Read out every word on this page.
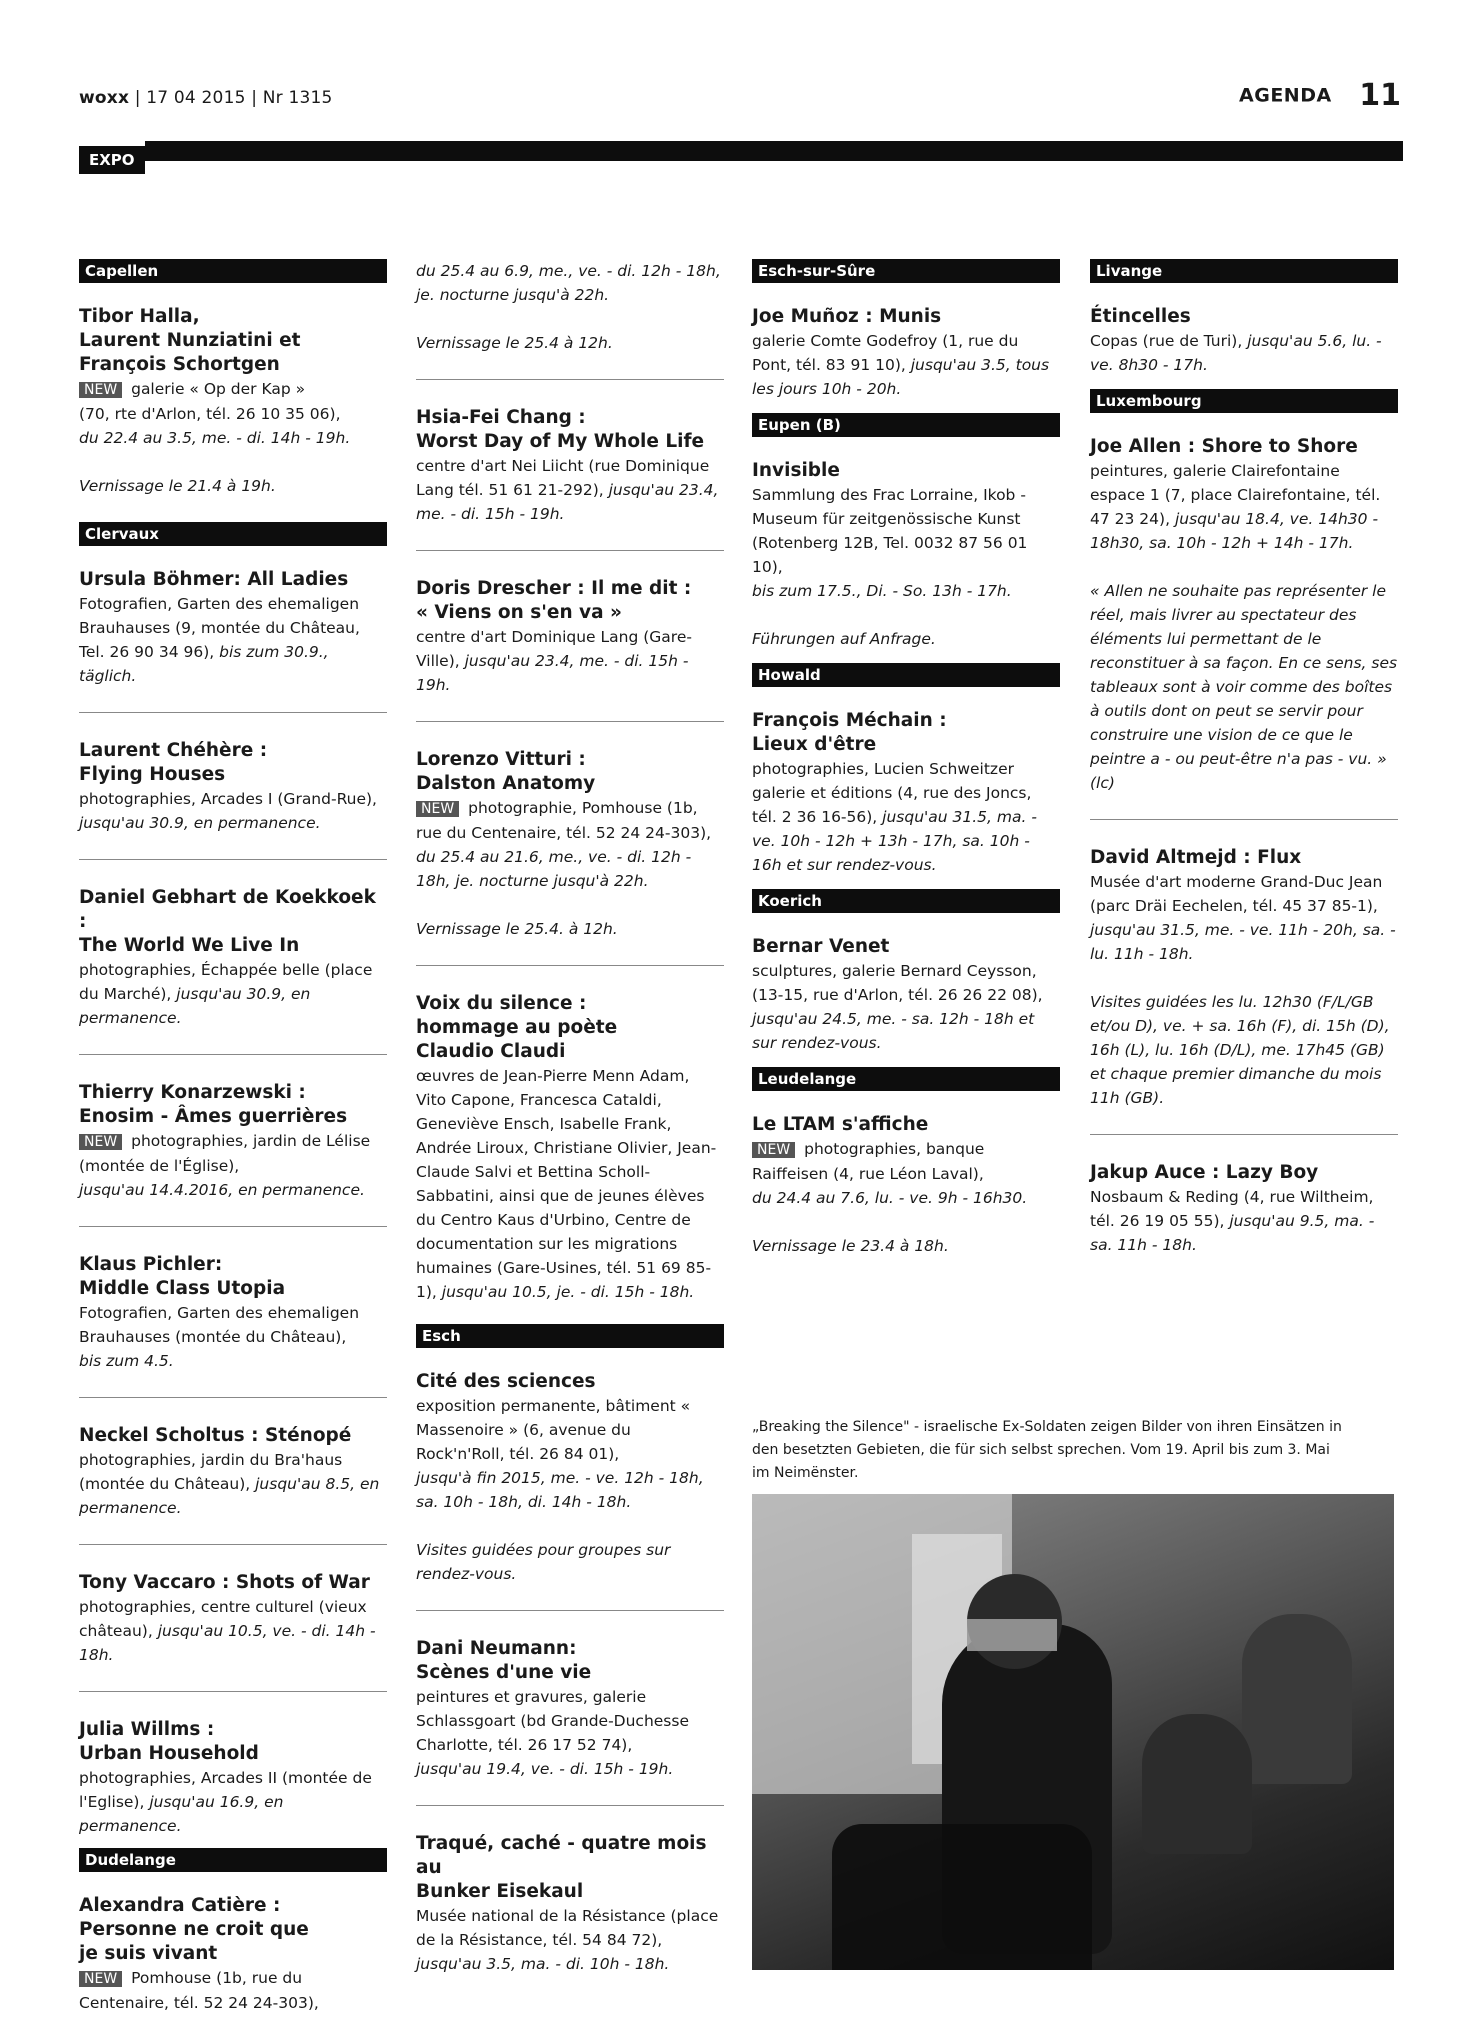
woxx | 17 04 2015 | Nr 1315	AGENDA 11
EXPO
Capellen
Tibor Halla,
Laurent Nunziatini et
François Schortgen
NEW galerie « Op der Kap »
(70, rte d'Arlon, tél. 26 10 35 06),
du 22.4 au 3.5, me. - di. 14h - 19h.
Vernissage le 21.4 à 19h.
Clervaux
Ursula Böhmer: All Ladies
Fotografien, Garten des ehemaligen Brauhauses (9, montée du Château, Tel. 26 90 34 96), bis zum 30.9., täglich.
Laurent Chéhère :
Flying Houses
photographies, Arcades I (Grand-Rue),
jusqu'au 30.9, en permanence.
Daniel Gebhart de Koekkoek :
The World We Live In
photographies, Échappée belle (place du Marché), jusqu'au 30.9, en permanence.
Thierry Konarzewski :
Enosim - Âmes guerrières
NEW photographies, jardin de Lélise (montée de l'Église),
jusqu'au 14.4.2016, en permanence.
Klaus Pichler:
Middle Class Utopia
Fotografien, Garten des ehemaligen Brauhauses (montée du Château),
bis zum 4.5.
Neckel Scholtus : Sténopé
photographies, jardin du Bra'haus (montée du Château), jusqu'au 8.5, en permanence.
Tony Vaccaro : Shots of War
photographies, centre culturel (vieux château), jusqu'au 10.5, ve. - di. 14h - 18h.
Julia Willms :
Urban Household
photographies, Arcades II (montée de l'Eglise), jusqu'au 16.9, en permanence.
Dudelange
Alexandra Catière :
Personne ne croit que
je suis vivant
NEW Pomhouse (1b, rue du Centenaire, tél. 52 24 24-303),
du 25.4 au 6.9, me., ve. - di. 12h - 18h, je. nocturne jusqu'à 22h.
Vernissage le 25.4 à 12h.
Hsia-Fei Chang :
Worst Day of My Whole Life
centre d'art Nei Liicht (rue Dominique Lang tél. 51 61 21-292), jusqu'au 23.4, me. - di. 15h - 19h.
Doris Drescher : Il me dit :
« Viens on s'en va »
centre d'art Dominique Lang (Gare-Ville), jusqu'au 23.4, me. - di. 15h - 19h.
Lorenzo Vitturi :
Dalston Anatomy
NEW photographie, Pomhouse (1b, rue du Centenaire, tél. 52 24 24-303), du 25.4 au 21.6, me., ve. - di. 12h - 18h, je. nocturne jusqu'à 22h.
Vernissage le 25.4. à 12h.
Voix du silence :
hommage au poète
Claudio Claudi
œuvres de Jean-Pierre Menn Adam, Vito Capone, Francesca Cataldi, Geneviève Ensch, Isabelle Frank, Andrée Liroux, Christiane Olivier, Jean-Claude Salvi et Bettina Scholl-Sabbatini, ainsi que de jeunes élèves du Centro Kaus d'Urbino, Centre de documentation sur les migrations humaines (Gare-Usines, tél. 51 69 85-1), jusqu'au 10.5, je. - di. 15h - 18h.
Esch
Cité des sciences
exposition permanente, bâtiment « Massenoire » (6, avenue du Rock'n'Roll, tél. 26 84 01),
jusqu'à fin 2015, me. - ve. 12h - 18h, sa. 10h - 18h, di. 14h - 18h.
Visites guidées pour groupes sur rendez-vous.
Dani Neumann:
Scènes d'une vie
peintures et gravures, galerie Schlassgoart (bd Grande-Duchesse Charlotte, tél. 26 17 52 74),
jusqu'au 19.4, ve. - di. 15h - 19h.
Traqué, caché - quatre mois au
Bunker Eisekaul
Musée national de la Résistance (place de la Résistance, tél. 54 84 72),
jusqu'au 3.5, ma. - di. 10h - 18h.
Esch-sur-Sûre
Joe Muñoz : Munis
galerie Comte Godefroy (1, rue du Pont, tél. 83 91 10), jusqu'au 3.5, tous les jours 10h - 20h.
Eupen (B)
Invisible
Sammlung des Frac Lorraine, Ikob - Museum für zeitgenössische Kunst (Rotenberg 12B, Tel. 0032 87 56 01 10),
bis zum 17.5., Di. - So. 13h - 17h.
Führungen auf Anfrage.
Howald
François Méchain :
Lieux d'être
photographies, Lucien Schweitzer galerie et éditions (4, rue des Joncs, tél. 2 36 16-56), jusqu'au 31.5, ma. - ve. 10h - 12h + 13h - 17h, sa. 10h - 16h et sur rendez-vous.
Koerich
Bernar Venet
sculptures, galerie Bernard Ceysson, (13-15, rue d'Arlon, tél. 26 26 22 08),
jusqu'au 24.5, me. - sa. 12h - 18h et sur rendez-vous.
Leudelange
Le LTAM s'affiche
NEW photographies, banque Raiffeisen (4, rue Léon Laval),
du 24.4 au 7.6, lu. - ve. 9h - 16h30.
Vernissage le 23.4 à 18h.
Livange
Étincelles
Copas (rue de Turi), jusqu'au 5.6, lu. - ve. 8h30 - 17h.
Luxembourg
Joe Allen : Shore to Shore
peintures, galerie Clairefontaine espace 1 (7, place Clairefontaine, tél. 47 23 24), jusqu'au 18.4, ve. 14h30 - 18h30, sa. 10h - 12h + 14h - 17h.
« Allen ne souhaite pas représenter le réel, mais livrer au spectateur des éléments lui permettant de le reconstituer à sa façon. En ce sens, ses tableaux sont à voir comme des boîtes à outils dont on peut se servir pour construire une vision de ce que le peintre a - ou peut-être n'a pas - vu. » (lc)
David Altmejd : Flux
Musée d'art moderne Grand-Duc Jean (parc Dräi Eechelen, tél. 45 37 85-1),
jusqu'au 31.5, me. - ve. 11h - 20h, sa. - lu. 11h - 18h.
Visites guidées les lu. 12h30 (F/L/GB et/ou D), ve. + sa. 16h (F), di. 15h (D), 16h (L), lu. 16h (D/L), me. 17h45 (GB) et chaque premier dimanche du mois 11h (GB).
Jakup Auce : Lazy Boy
Nosbaum & Reding (4, rue Wiltheim, tél. 26 19 05 55), jusqu'au 9.5, ma. - sa. 11h - 18h.
„Breaking the Silence" - israelische Ex-Soldaten zeigen Bilder von ihren Einsätzen in den besetzten Gebieten, die für sich selbst sprechen. Vom 19. April bis zum 3. Mai im Neimënster.
